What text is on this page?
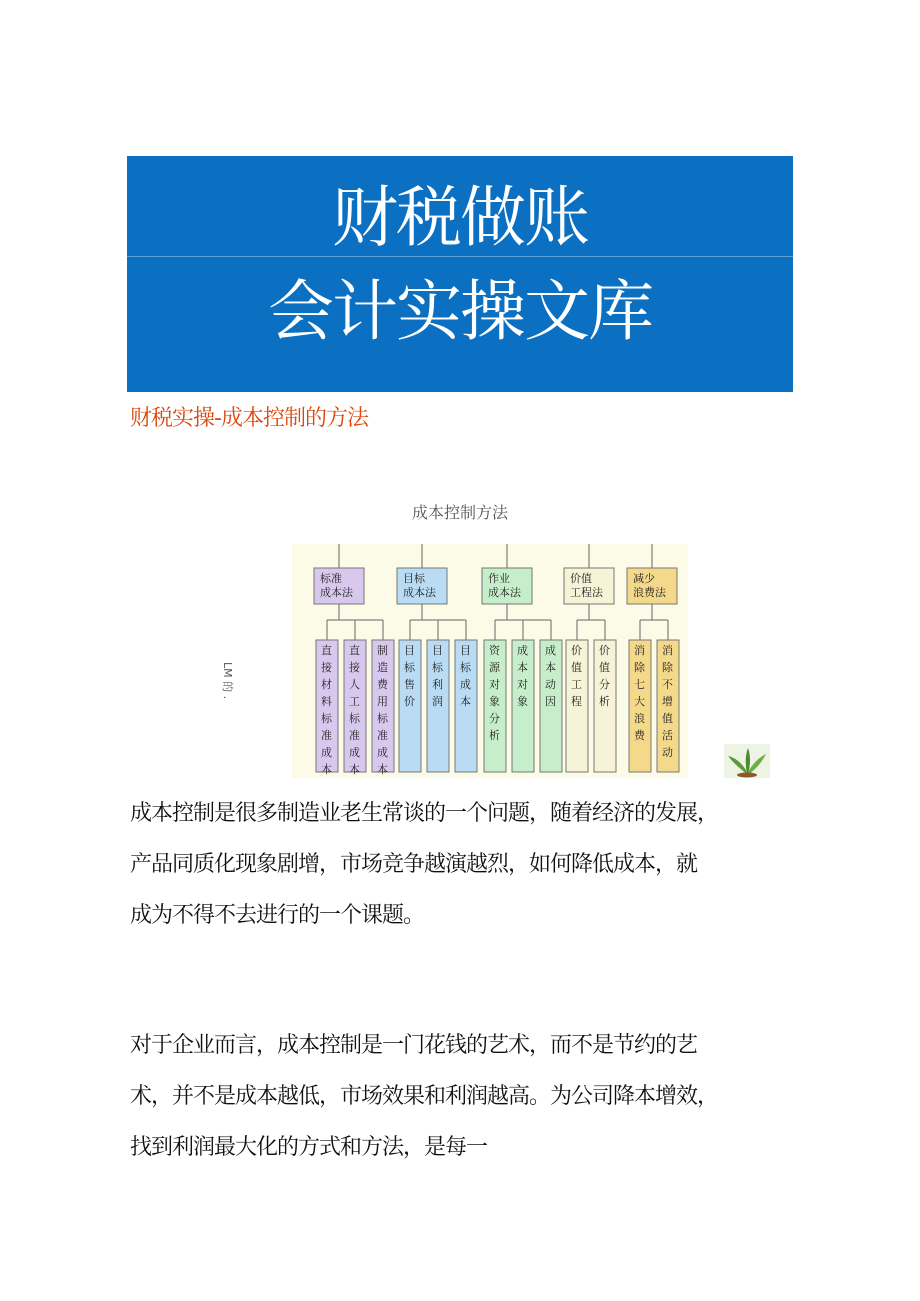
财税做账
会计实操文库
财税实操-成本控制的方法
成本控制方法
LM 的 .
标准
成本法
直
接
材
料
标
准
成
本
直
接
人
工
标
准
成
本
制
造
费
用
标
准
成
本
目标
成本法
目
标
售
价
目
标
利
润
目
标
成
本
作业
成本法
资
源
对
象
分
析
成
本
对
象
成
本
动
因
价值
工程法
价
值
工
程
价
值
分
析
减少
浪费法
消
除
七
大
浪
费
消
除
不
增
值
活
动
成本控制是很多制造业老生常谈的一个问题，随着经济的发展，
产品同质化现象剧增，市场竞争越演越烈，如何降低成本，就
成为不得不去进行的一个课题。
对于企业而言，成本控制是一门花钱的艺术，而不是节约的艺
术，并不是成本越低，市场效果和利润越高。为公司降本增效，
找到利润最大化的方式和方法，是每一
